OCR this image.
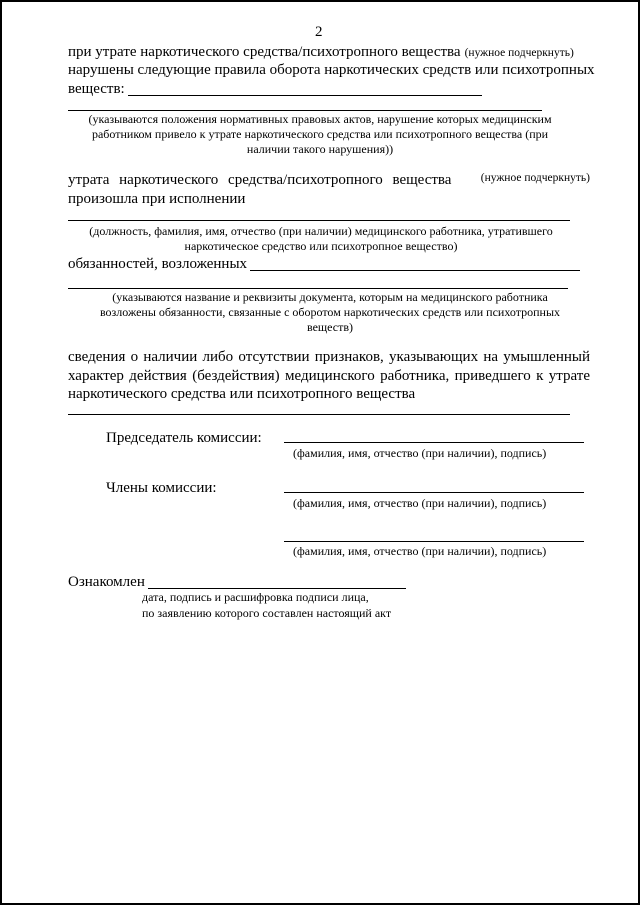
2
при утрате наркотического средства/психотропного вещества (нужное подчеркнуть)
нарушены следующие правила оборота наркотических средств или психотропных
веществ:
(указываются положения нормативных правовых актов, нарушение которых медицинским
работником привело к утрате наркотического средства или психотропного вещества (при
наличии такого нарушения))
утрата наркотического средства/психотропного вещества	(нужное подчеркнуть)
произошла при исполнении
(должность, фамилия, имя, отчество (при наличии) медицинского работника, утратившего
наркотическое средство или психотропное вещество)
обязанностей, возложенных
(указываются название и реквизиты документа, которым на медицинского работника
возложены обязанности, связанные с оборотом наркотических средств или психотропных
веществ)
сведения о наличии либо отсутствии признаков, указывающих на умышленный
характер действия (бездействия) медицинского работника, приведшего к утрате
наркотического средства или психотропного вещества
Председатель комиссии:
(фамилия, имя, отчество (при наличии), подпись)
Члены комиссии:
(фамилия, имя, отчество (при наличии), подпись)
(фамилия, имя, отчество (при наличии), подпись)
Ознакомлен
дата, подпись и расшифровка подписи лица,
по заявлению которого составлен настоящий акт
